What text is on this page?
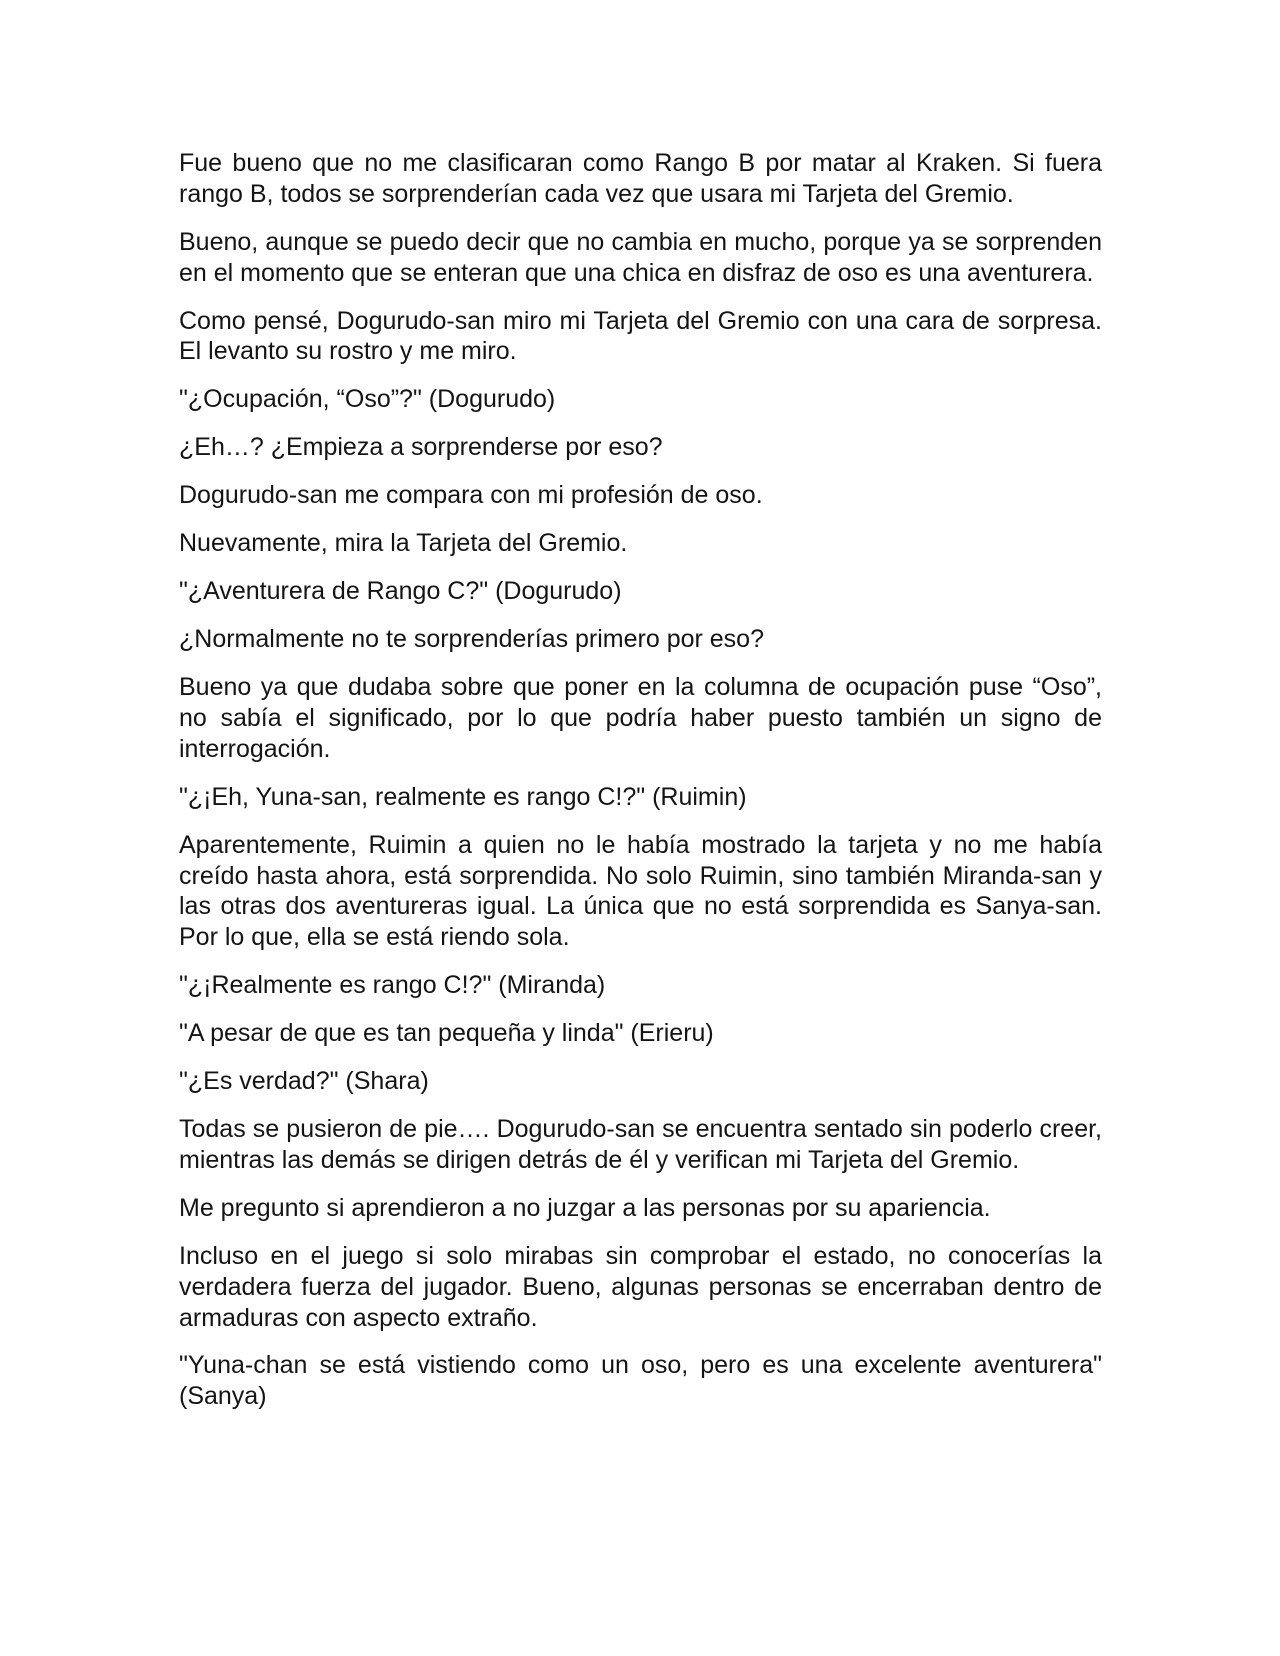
Fue bueno que no me clasificaran como Rango B por matar al Kraken. Si fuera
rango B, todos se sorprenderían cada vez que usara mi Tarjeta del Gremio.

Bueno, aunque se puedo decir que no cambia en mucho, porque ya se sorprenden
en el momento que se enteran que una chica en disfraz de oso es una aventurera.

Como pensé, Dogurudo-san miro mi Tarjeta del Gremio con una cara de sorpresa.
El levanto su rostro y me miro.

"¿Ocupación, “Oso”?" (Dogurudo)

¿Eh…? ¿Empieza a sorprenderse por eso?

Dogurudo-san me compara con mi profesión de oso.

Nuevamente, mira la Tarjeta del Gremio.

"¿Aventurera de Rango C?" (Dogurudo)

¿Normalmente no te sorprenderías primero por eso?

Bueno ya que dudaba sobre que poner en la columna de ocupación puse “Oso”,
no sabía el significado, por lo que podría haber puesto también un signo de
interrogación.

"¿¡Eh, Yuna-san, realmente es rango C!?" (Ruimin)

Aparentemente, Ruimin a quien no le había mostrado la tarjeta y no me había
creído hasta ahora, está sorprendida. No solo Ruimin, sino también Miranda-san y
las otras dos aventureras igual. La única que no está sorprendida es Sanya-san.
Por lo que, ella se está riendo sola.

"¿¡Realmente es rango C!?" (Miranda)

"A pesar de que es tan pequeña y linda" (Erieru)

"¿Es verdad?" (Shara)

Todas se pusieron de pie…. Dogurudo-san se encuentra sentado sin poderlo creer,
mientras las demás se dirigen detrás de él y verifican mi Tarjeta del Gremio.

Me pregunto si aprendieron a no juzgar a las personas por su apariencia.

Incluso en el juego si solo mirabas sin comprobar el estado, no conocerías la
verdadera fuerza del jugador. Bueno, algunas personas se encerraban dentro de
armaduras con aspecto extraño.

"Yuna-chan se está vistiendo como un oso, pero es una excelente aventurera"
(Sanya)
